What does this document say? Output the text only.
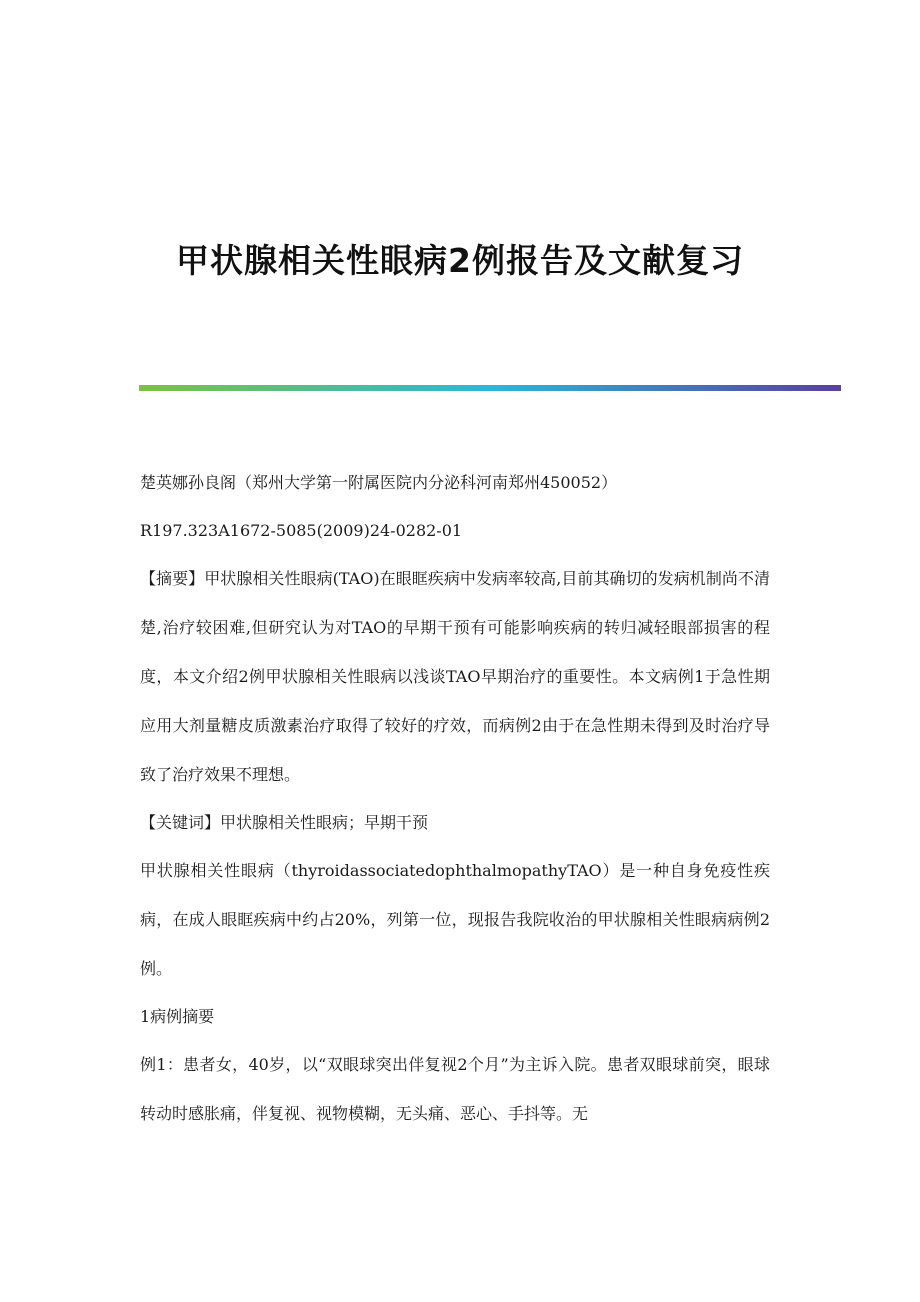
甲状腺相关性眼病2例报告及文献复习

楚英娜孙良阁（郑州大学第一附属医院内分泌科河南郑州450052）

R197.323A1672-5085(2009)24-0282-01

【摘要】甲状腺相关性眼病(TAO)在眼眶疾病中发病率较高,目前其确切的发病机制尚不清楚,治疗较困难,但研究认为对TAO的早期干预有可能影响疾病的转归减轻眼部损害的程度，本文介绍2例甲状腺相关性眼病以浅谈TAO早期治疗的重要性。本文病例1于急性期应用大剂量糖皮质激素治疗取得了较好的疗效，而病例2由于在急性期未得到及时治疗导致了治疗效果不理想。

【关键词】甲状腺相关性眼病；早期干预

甲状腺相关性眼病（thyroidassociatedophthalmopathyTAO）是一种自身免疫性疾病，在成人眼眶疾病中约占20%，列第一位，现报告我院收治的甲状腺相关性眼病病例2例。

1病例摘要

例1：患者女，40岁，以“双眼球突出伴复视2个月”为主诉入院。患者双眼球前突，眼球转动时感胀痛，伴复视、视物模糊，无头痛、恶心、手抖等。无
